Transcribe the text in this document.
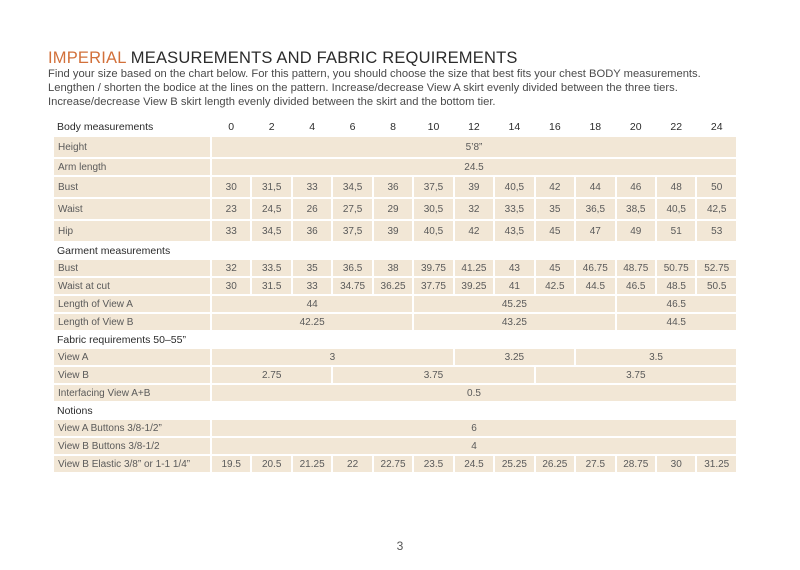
IMPERIAL MEASUREMENTS AND FABRIC REQUIREMENTS

Find your size based on the chart below. For this pattern, you should choose the size that best fits your chest BODY measurements.

Lengthen / shorten the bodice at the lines on the pattern. Increase/decrease View A skirt evenly divided between the three tiers.

Increase/decrease View B skirt length evenly divided between the skirt and the bottom tier.

Body measurements	0	2	4	6	8	10	12	14	16	18	20	22	24
Height	5’8”												
Arm length	24.5												
Bust	30	31,5	33	34,5	36	37,5	39	40,5	42	44	46	48	50
Waist	23	24,5	26	27,5	29	30,5	32	33,5	35	36,5	38,5	40,5	42,5
Hip	33	34,5	36	37,5	39	40,5	42	43,5	45	47	49	51	53
Garment measurements													
Bust	32	33.5	35	36.5	38	39.75	41.25	43	45	46.75	48.75	50.75	52.75
Waist at cut	30	31.5	33	34.75	36.25	37.75	39.25	41	42.5	44.5	46.5	48.5	50.5
Length of View A	44					45.25					46.5		
Length of View B	42.25					43.25					44.5		
Fabric requirements 50–55”													
View A	3						3.25			3.5			
View B	2.75			3.75					3.75				
Interfacing View A+B	0.5												
Notions													
View A Buttons 3/8-1/2”	6												
View B Buttons 3/8-1/2	4												
View B Elastic 3/8” or 1-1 1/4”	19.5	20.5	21.25	22	22.75	23.5	24.5	25.25	26.25	27.5	28.75	30	31.25
3
